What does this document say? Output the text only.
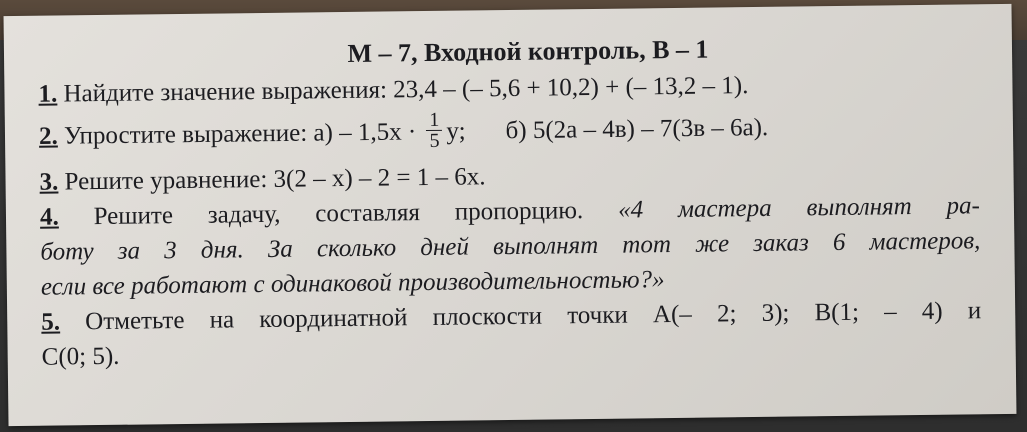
М – 7, Входной контроль, В – 1
1. Найдите значение выражения: 23,4 – (– 5,6 + 10,2) + (– 13,2 – 1).
2. Упростите выражение: $а) - 1,5х \cdot \frac{1}{5} у$; б) 5(2а – 4в) – 7(3в – 6а).
3. Решите уравнение: 3(2 – х) – 2 = 1 – 6х.
4. Решите задачу, составляя пропорцию. «4 мастера выполнят ра-
боту за 3 дня. За сколько дней выполнят тот же заказ 6 мастеров,
если все работают с одинаковой производительностью?»
5. Отметьте на координатной плоскости точки А(– 2; 3); В(1; – 4) и
С(0; 5).
